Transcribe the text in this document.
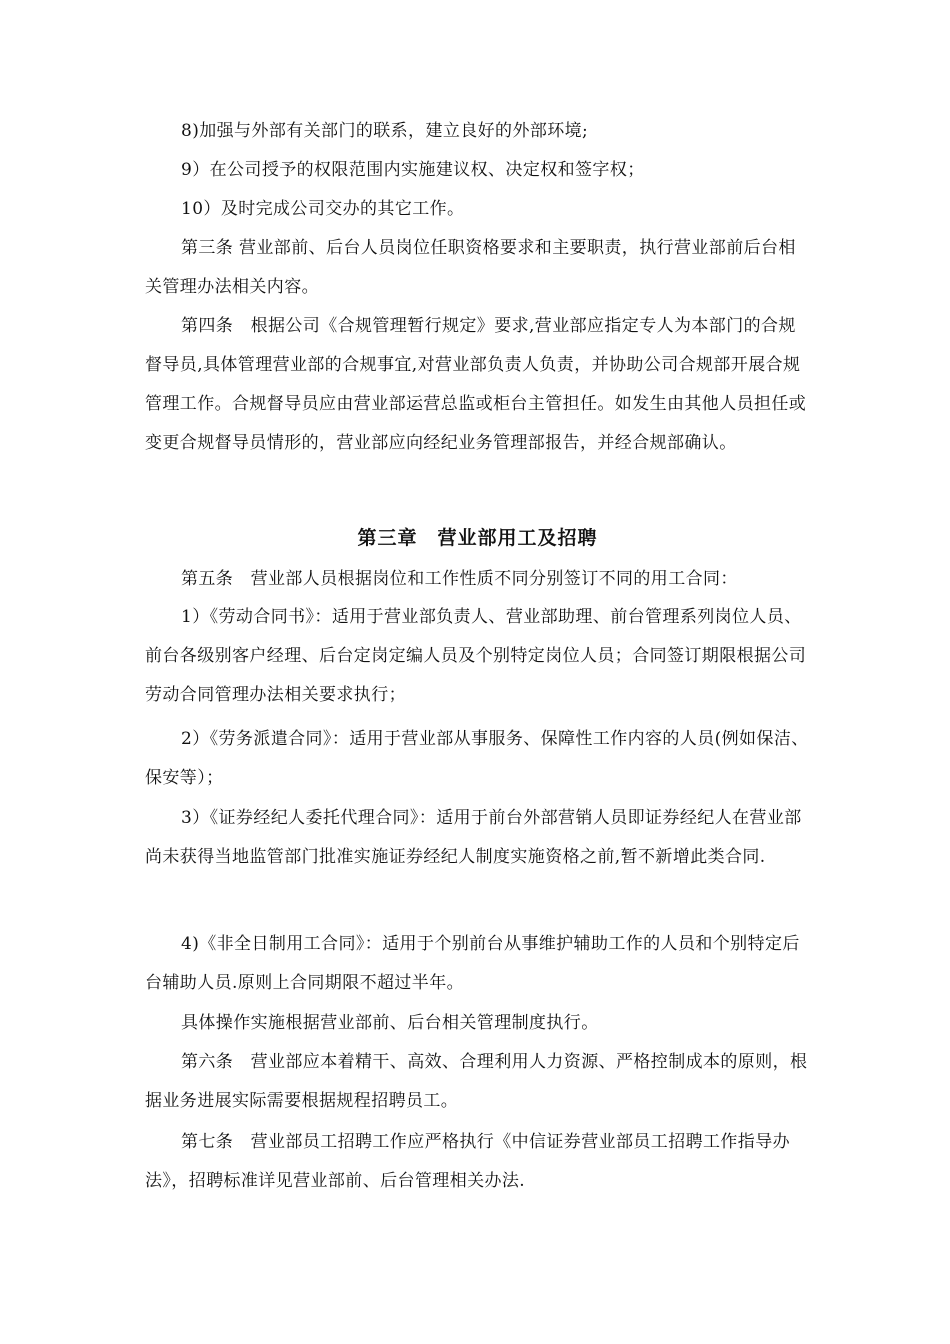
8)加强与外部有关部门的联系，建立良好的外部环境;

9）在公司授予的权限范围内实施建议权、决定权和签字权；

10）及时完成公司交办的其它工作。

第三条 营业部前、后台人员岗位任职资格要求和主要职责，执行营业部前后台相关管理办法相关内容。

第四条　根据公司《合规管理暂行规定》要求,营业部应指定专人为本部门的合规督导员,具体管理营业部的合规事宜,对营业部负责人负责，并协助公司合规部开展合规管理工作。合规督导员应由营业部运营总监或柜台主管担任。如发生由其他人员担任或变更合规督导员情形的，营业部应向经纪业务管理部报告，并经合规部确认。

第三章　营业部用工及招聘

第五条　营业部人员根据岗位和工作性质不同分别签订不同的用工合同：

1）《劳动合同书》：适用于营业部负责人、营业部助理、前台管理系列岗位人员、前台各级别客户经理、后台定岗定编人员及个别特定岗位人员；合同签订期限根据公司劳动合同管理办法相关要求执行；

2）《劳务派遣合同》：适用于营业部从事服务、保障性工作内容的人员(例如保洁、保安等）；

3）《证券经纪人委托代理合同》：适用于前台外部营销人员即证券经纪人在营业部尚未获得当地监管部门批准实施证券经纪人制度实施资格之前,暂不新增此类合同.

4)《非全日制用工合同》：适用于个别前台从事维护辅助工作的人员和个别特定后台辅助人员.原则上合同期限不超过半年。

具体操作实施根据营业部前、后台相关管理制度执行。

第六条　营业部应本着精干、高效、合理利用人力资源、严格控制成本的原则，根据业务进展实际需要根据规程招聘员工。

第七条　营业部员工招聘工作应严格执行《中信证券营业部员工招聘工作指导办法》，招聘标准详见营业部前、后台管理相关办法.
